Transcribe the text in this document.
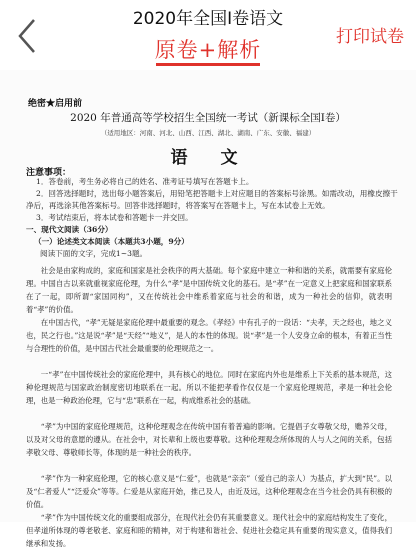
2020年全国Ⅰ卷语文
原卷+解析
打印试卷
绝密★启用前
2020 年普通高等学校招生全国统一考试（新课标全国Ⅰ卷）
（适用地区：河南、河北、山西、江西、湖北、湖南、广东、安徽、福建）
语　文
注意事项：
1．答卷前，考生务必将自己的姓名、准考证号填写在答题卡上。
2．回答选择题时，选出每小题答案后，用铅笔把答题卡上对应题目的答案标号涂黑。如需改动，用橡皮擦干
净后，再选涂其他答案标号。回答非选择题时，将答案写在答题卡上，写在本试卷上无效。
3．考试结束后，将本试卷和答题卡一并交回。
一、现代文阅读（36分）
（一）论述类文本阅读（本题共3小题，9分）
阅读下面的文字，完成1~3题。
社会是由家构成的，家庭和国家是社会秩序的两大基础。每个家庭中建立一种和谐的关系，就需要有家庭伦理。中国自古以来就重视家庭伦理，为什么“孝”是中国传统文化的基石。是“孝”在一定意义上把家庭和国家联系在了一起，即所谓“家国同构”，又在传统社会中维系着家庭与社会的和谐，成为一种社会的信仰，就表明着“孝”的价值。
在中国古代，“孝”无疑是家庭伦理中最重要的观念。《孝经》中有孔子的一段话：“夫孝，天之经也，地之义也，民之行也。”这是说“孝”是“天经”“地义”，是人的本性的体现。说“孝”是一个人安身立命的根本，有着正当性与合理性的价值，是中国古代社会最重要的伦理规范之一。
一“孝”在中国传统社会的家庭伦理中，具有核心的地位。同时在家庭内外也是维系上下关系的基本规范，这种伦理规范与国家政治制度密切地联系在一起。所以不能把孝看作仅仅是一个家庭伦理规范，孝是一种社会伦理，也是一种政治伦理，它与“忠”联系在一起，构成维系社会的基础。
“孝”为中国的家庭伦理规范，这种伦理观念在传统中国有着普遍的影响。它提倡子女尊敬父母，赡养父母，以及对父母的意愿的遵从。在社会中，对长辈和上级也要尊敬。这种伦理观念所体现的人与人之间的关系，包括孝敬父母、尊敬师长等，体现的是一种社会的秩序。
“孝”作为一种家庭伦理，它的核心意义是“仁爱”，也就是“亲亲”（爱自己的亲人）为基点，扩大到“民”。以及“仁者爱人”“泛爱众”等等。仁爱是从家庭开始，推己及人，由近及远，这种伦理观念在当今社会仍具有积极的价值。
“孝”作为中国传统文化的重要组成部分，在现代社会仍有其重要意义。现代社会中的家庭结构发生了变化，但孝道所体现的尊老敬老、家庭和睦的精神，对于构建和谐社会、促进社会稳定具有重要的现实意义，值得我们继承和发扬。
